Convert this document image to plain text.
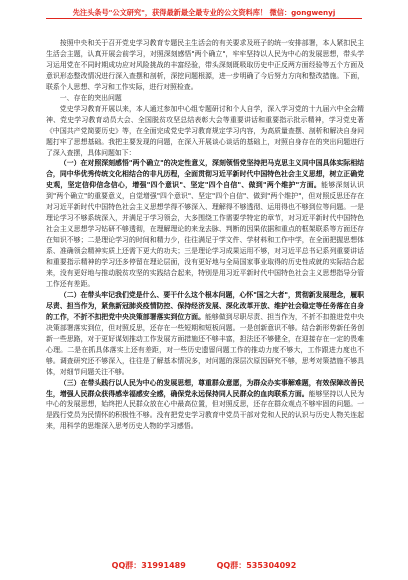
先注头条号"公文研究"，获得最新最全最专业的公文资料库！ 微信：gongwenyj

按照中央和关于召开党史学习教育专题民主生活会的有关要求及班子的统一安排部署，本人紧扣民主生活会主题，认真开展会前学习，对照深刻感悟"两个确立"，牢牢坚持以人民为中心的发展思想，带头学习运用党在不同时期成功应对风险挑战的丰富经验，带头深刻既吸取历史中正反两方面经验等五个方面及意识形态整改情况进行深入查摆和剖析，深挖问题根源，进一步明确了今后努力方向和整改措施。下面，联系个人思想、学习和工作实际，进行对照检查。

一、存在的突出问题

党史学习教育开展以来，本人通过参加中心组专题研讨和个人自学，深入学习党的十九届六中全会精神、党史学习教育动员大会、全国脱贫攻坚总结表彰大会等重要讲话和重要指示批示精神，学习党史著《中国共产党简要历史》等，在全面完成党史学习教育规定学习内容，为高质量查摆、剖析和解决自身问题打牢了思想基础。我把主要发现的问题，在深入开展谈心谈话的基础上，对照自身存在的突出问题进行了深入查摆，具体问题如下：

（一）在对照深刻感悟"两个确立"的决定性意义，深刻领悟党坚持把马克思主义同中国具体实际相结合，同中华优秀传统文化相结合的非凡历程，全面贯彻习近平新时代中国特色社会主义思想，树立正确党史观，坚定信仰信念信心，增强"四个意识"、坚定"四个自信"、做到"两个维护"方面。能够深刻认识到"两个确立"的重要意义，自觉增强"四个意识"、坚定"四个自信"、做到"两个维护"，但对照反思还存在对习近平新时代中国特色社会主义思想学得不够深入、理解得不够透彻、运用得也不够到位等问题。一是理论学习不够系统深入，并满足于学习领会，大多围绕工作需要学特定的章节，对习近平新时代中国特色社会主义思想学习钻研不够透彻，在理解理论的来龙去脉、判断的因果依据和重点的框架联系等方面还存在知识不够；二是理论学习的时间和精力少，往往满足于学文件、学材料和工作中学，在全面把握思想体系、准确领会精神实质上还需下更大的功夫；三是理论学习成果运用不够，对习近平总书记系列重要讲话和重要指示精神的学习还多停留在理论层面，没有更好地与全局国家事业取得的历史性成就的实际结合起来，没有更好地与推动脱贫攻坚的实践结合起来，特别是用习近平新时代中国特色社会主义思想指导分管工作还有差距。

（二）在带头牢记我们党是什么、要干什么这个根本问题，心怀"国之大者"，贯彻新发展理念，履职尽责、担当作为，紧焦新冠肺炎疫情防控、保持经济发展、深化改革开放、维护社会稳定等任务落在自身的工作，不折不扣把党中央决策部署落实到位方面。能够做到尽职尽责、担当作为，不折不扣推进党中央决策部署落实到位，但对照反思，还存在一些短期和短板问题。一是创新意识不够。结合新形势新任务创新一些思路，对于更好谋划推动工作发展方面措施还不够丰富，担法还不够健全，在迎接存在一定的畏难心理。二是在抓具体落实上还有差距，对一些历史遗留问题工作的推动力度不够大，工作跟进力度也不够。调查研究还不够深入，往往是了解基本情况多，对问题的深层次原因研究不够，思考对策措施不够具体，对细节问题关注不够。

（三）在带头践行以人民为中心的发展思想，尊重群众意愿，为群众办实事解难题，有效保障改善民生，增强人民群众获得感幸福感安全感，确保党永远保持同人民群众的血肉联系方面。能够坚持以人民为中心的发展思想，始终把人民群众放在心中最高位置，但对照反思，还存在群众观点不够牢固的问题。一是践行党员为民情怀的积极性不够。没有把党史学习教育中党员干部对党和人民的认识与历史人物关连起来，用科学的思维深入思考历史人物的学习感悟。

QQ群：31991489	QQ群：535304092
